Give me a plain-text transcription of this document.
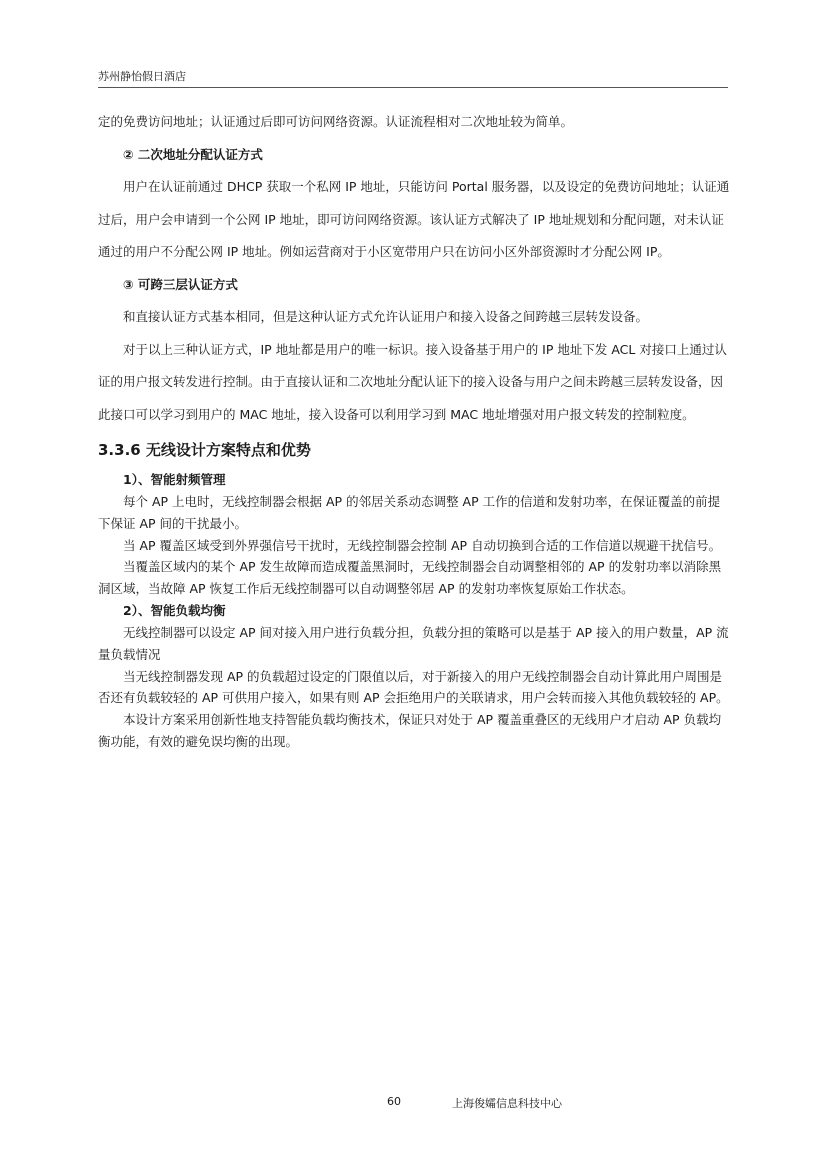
苏州静怡假日酒店

定的免费访问地址；认证通过后即可访问网络资源。认证流程相对二次地址较为简单。

② 二次地址分配认证方式

用户在认证前通过 DHCP 获取一个私网 IP 地址，只能访问 Portal 服务器，以及设定的免费访问地址；认证通过后，用户会申请到一个公网 IP 地址，即可访问网络资源。该认证方式解决了 IP 地址规划和分配问题，对未认证通过的用户不分配公网 IP 地址。例如运营商对于小区宽带用户只在访问小区外部资源时才分配公网 IP。

③ 可跨三层认证方式

和直接认证方式基本相同，但是这种认证方式允许认证用户和接入设备之间跨越三层转发设备。

对于以上三种认证方式，IP 地址都是用户的唯一标识。接入设备基于用户的 IP 地址下发 ACL 对接口上通过认证的用户报文转发进行控制。由于直接认证和二次地址分配认证下的接入设备与用户之间未跨越三层转发设备，因此接口可以学习到用户的 MAC 地址，接入设备可以利用学习到 MAC 地址增强对用户报文转发的控制粒度。

3.3.6 无线设计方案特点和优势
1）、智能射频管理

每个 AP 上电时，无线控制器会根据 AP 的邻居关系动态调整 AP 工作的信道和发射功率，在保证覆盖的前提下保证 AP 间的干扰最小。

当 AP 覆盖区域受到外界强信号干扰时，无线控制器会控制 AP 自动切换到合适的工作信道以规避干扰信号。

当覆盖区域内的某个 AP 发生故障而造成覆盖黑洞时，无线控制器会自动调整相邻的 AP 的发射功率以消除黑洞区域，当故障 AP 恢复工作后无线控制器可以自动调整邻居 AP 的发射功率恢复原始工作状态。

2）、智能负载均衡

无线控制器可以设定 AP 间对接入用户进行负载分担，负载分担的策略可以是基于 AP 接入的用户数量，AP 流量负载情况

当无线控制器发现 AP 的负载超过设定的门限值以后，对于新接入的用户无线控制器会自动计算此用户周围是否还有负载较轻的 AP 可供用户接入，如果有则 AP 会拒绝用户的关联请求，用户会转而接入其他负载较轻的 AP。

本设计方案采用创新性地支持智能负载均衡技术，保证只对处于 AP 覆盖重叠区的无线用户才启动 AP 负载均衡功能，有效的避免误均衡的出现。

60	上海俊孀信息科技中心
